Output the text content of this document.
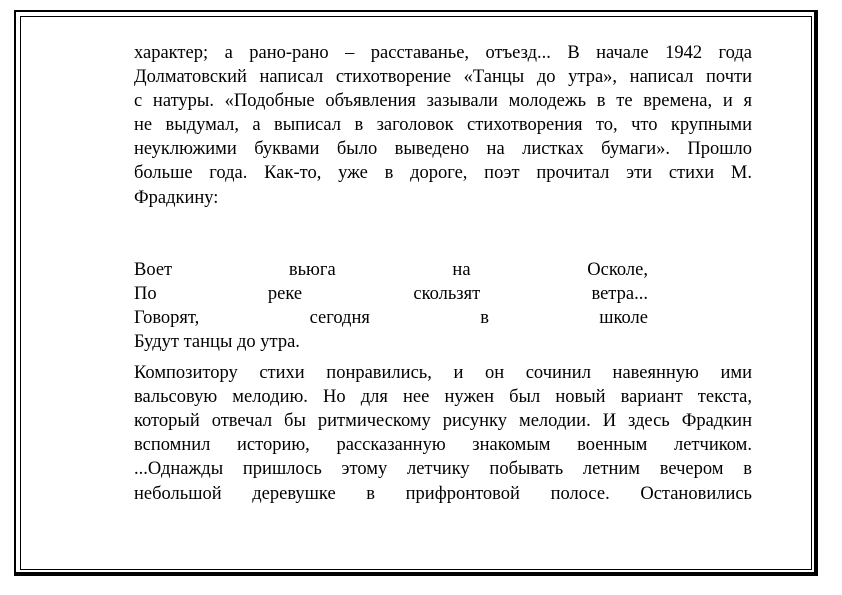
характер; а рано-рано – расставанье, отъезд... В начале 1942 года
Долматовский написал стихотворение «Танцы до утра», написал почти
с натуры. «Подобные объявления зазывали молодежь в те времена, и я
не выдумал, а выписал в заголовок стихотворения то, что крупными
неуклюжими буквами было выведено на листках бумаги». Прошло
больше года. Как-то, уже в дороге, поэт прочитал эти стихи М.
Фрадкину:

Воет	вьюга	на	Осколе,
По	реке	скользят	ветра...
Говорят,	сегодня	в	школе
Будут танцы до утра.

Композитору стихи понравились, и он сочинил навеянную ими
вальсовую мелодию. Но для нее нужен был новый вариант текста,
который отвечал бы ритмическому рисунку мелодии. И здесь Фрадкин
вспомнил историю, рассказанную знакомым военным летчиком.
...Однажды пришлось этому летчику побывать летним вечером в
небольшой деревушке в прифронтовой полосе. Остановились
